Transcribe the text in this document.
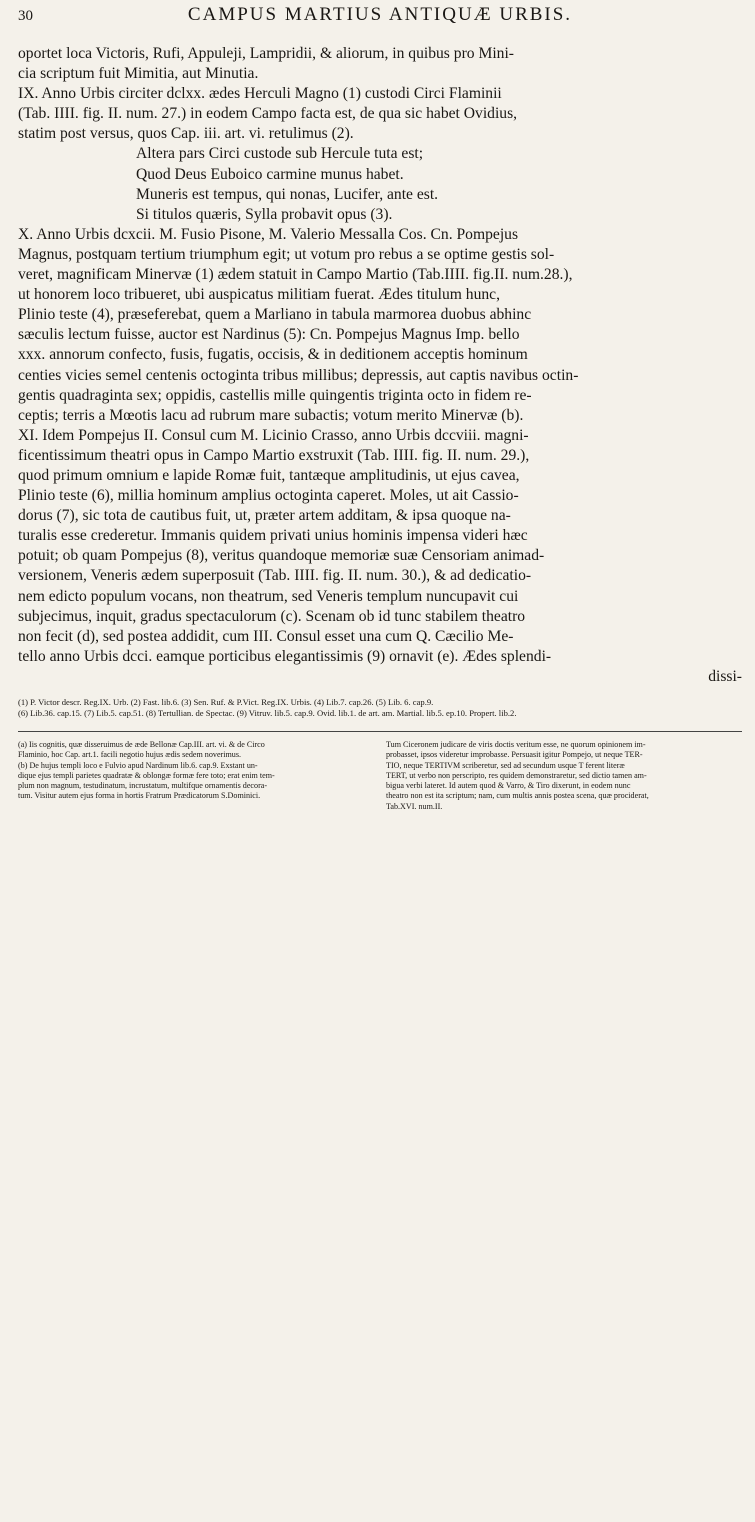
30	CAMPUS MARTIUS ANTIQUÆ URBIS.

oportet loca Victoris, Rufi, Appuleji, Lampridii, & aliorum, in quibus pro Mini-

cia scriptum fuit Mimitia, aut Minutia.

IX. Anno Urbis circiter dclxx. ædes Herculi Magno (1) custodi Circi Flaminii

(Tab. IIII. fig. II. num. 27.) in eodem Campo facta est, de qua sic habet Ovidius,

statim post versus, quos Cap. iii. art. vi. retulimus (2).

Altera pars Circi custode sub Hercule tuta est;

Quod Deus Euboico carmine munus habet.

Muneris est tempus, qui nonas, Lucifer, ante est.

Si titulos quæris, Sylla probavit opus (3).

X. Anno Urbis dcxcii. M. Fusio Pisone, M. Valerio Messalla Cos. Cn. Pompejus

Magnus, postquam tertium triumphum egit; ut votum pro rebus a se optime gestis sol-

veret, magnificam Minervæ (1) ædem statuit in Campo Martio (Tab.IIII. fig.II. num.28.),

ut honorem loco tribueret, ubi auspicatus militiam fuerat. Ædes titulum hunc,

Plinio teste (4), præseferebat, quem a Marliano in tabula marmorea duobus abhinc

sæculis lectum fuisse, auctor est Nardinus (5): Cn. Pompejus Magnus Imp. bello

xxx. annorum confecto, fusis, fugatis, occisis, & in deditionem acceptis hominum

centies vicies semel centenis octoginta tribus millibus; depressis, aut captis navibus octin-

gentis quadraginta sex; oppidis, castellis mille quingentis triginta octo in fidem re-

ceptis; terris a Mœotis lacu ad rubrum mare subactis; votum merito Minervæ (b).

XI. Idem Pompejus II. Consul cum M. Licinio Crasso, anno Urbis dccviii. magni-

ficentissimum theatri opus in Campo Martio exstruxit (Tab. IIII. fig. II. num. 29.),

quod primum omnium e lapide Romæ fuit, tantæque amplitudinis, ut ejus cavea,

Plinio teste (6), millia hominum amplius octoginta caperet. Moles, ut ait Cassio-

dorus (7), sic tota de cautibus fuit, ut, præter artem additam, & ipsa quoque na-

turalis esse crederetur. Immanis quidem privati unius hominis impensa videri hæc

potuit; ob quam Pompejus (8), veritus quandoque memoriæ suæ Censoriam animad-

versionem, Veneris ædem superposuit (Tab. IIII. fig. II. num. 30.), & ad dedicatio-

nem edicto populum vocans, non theatrum, sed Veneris templum nuncupavit cui

subjecimus, inquit, gradus spectaculorum (c). Scenam ob id tunc stabilem theatro

non fecit (d), sed postea addidit, cum III. Consul esset una cum Q. Cæcilio Me-

tello anno Urbis dcci. eamque porticibus elegantissimis (9) ornavit (e). Ædes splendi-

dissi-

(1) P. Victor descr. Reg.IX. Urb. (2) Fast. lib.6. (3) Sen. Ruf. & P.Vict. Reg.IX. Urbis. (4) Lib.7. cap.26. (5) Lib. 6. cap.9.
(6) Lib.36. cap.15. (7) Lib.5. cap.51. (8) Tertullian. de Spectac. (9) Vitruv. lib.5. cap.9. Ovid. lib.1. de art. am. Martial. lib.5. ep.10. Propert. lib.2.

(a) Iis cognitis, quæ disseruimus de æde Bellonæ Cap.III. art. vi. & de Circo

Flaminio, hoc Cap. art.1. facili negotio hujus ædis sedem noverimus.

(b) De hujus templi loco e Fulvio apud Nardinum lib.6. cap.9. Exstant un-

dique ejus templi parietes quadratæ & oblongæ formæ fere toto; erat enim tem-

plum non magnum, testudinatum, incrustatum, multifque ornamentis decora-

tum. Visitur autem ejus forma in hortis Fratrum Prædicatorum S.Dominici.

Tum Ciceronem judicare de viris doctis veritum esse, ne quorum opinionem im-

probasset, ipsos videretur improbasse. Persuasit igitur Pompejo, ut neque TER-

TIO, neque TERTIVM scriberetur, sed ad secundum usque T ferent literæ

TERT, ut verbo non perscripto, res quidem demonstraretur, sed dictio tamen am-

bigua verbi lateret. Id autem quod & Varro, & Tiro dixerunt, in eodem nunc

theatro non est ita scriptum; nam, cum multis annis postea scena, quæ prociderat,

Tab.XVI. num.II.
